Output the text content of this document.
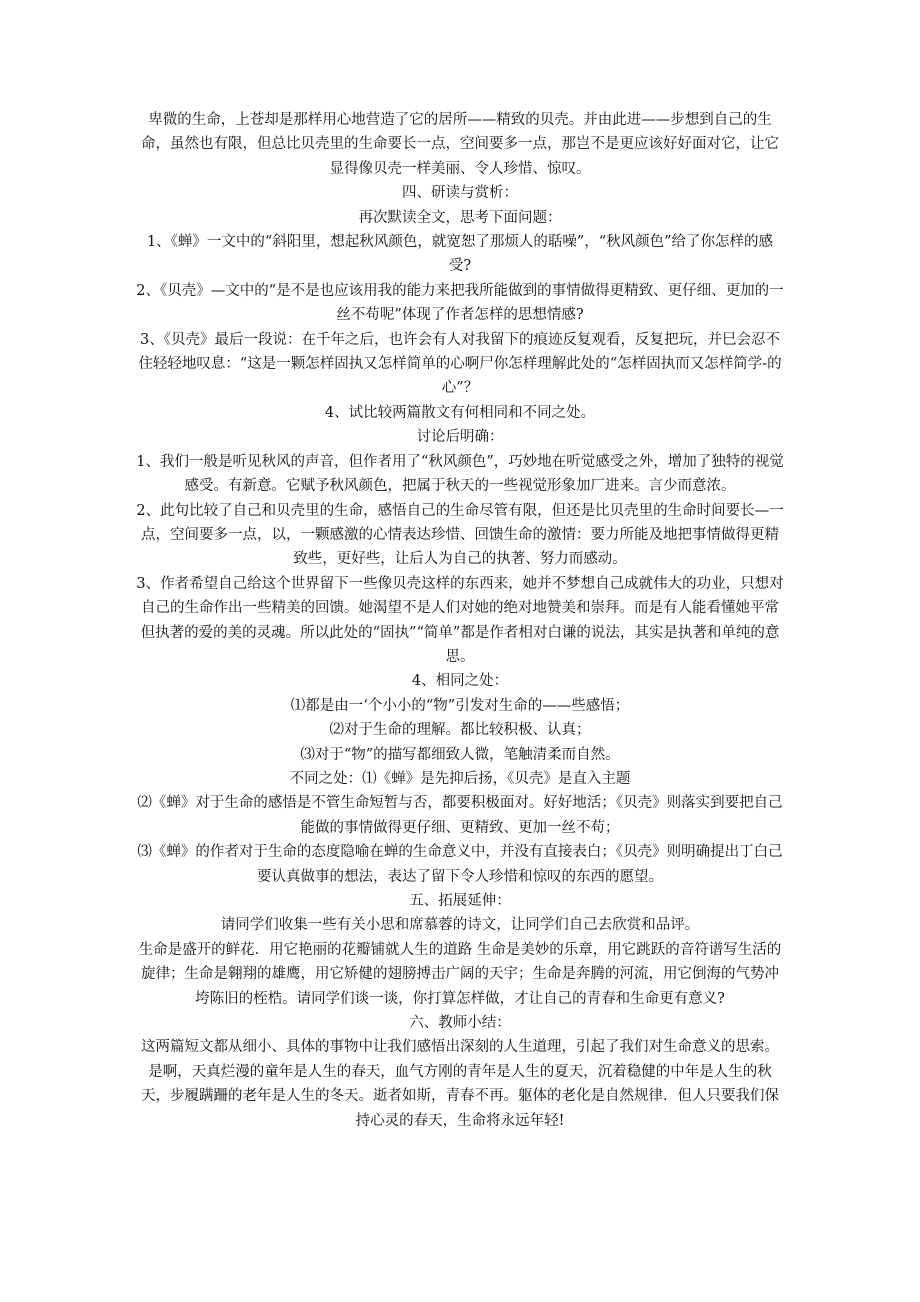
卑微的生命，上苍却是那样用心地营造了它的居所——精致的贝壳。并由此进——步想到自己的生命，虽然也有限，但总比贝壳里的生命要长一点，空间要多一点，那岂不是更应该好好面对它，让它显得像贝壳一样美丽、令人珍惜、惊叹。

四、研读与赏析：

再次默读全文，思考下面问题：

1、《蝉》一文中的“斜阳里，想起秋风颜色，就宽恕了那烦人的聒噪”，“秋风颜色”给了你怎样的感受?

2、《贝壳》—文中的“是不是也应该用我的能力来把我所能做到的事情做得更精致、更仔细、更加的一丝不苟呢”体现了作者怎样的思想情感?

3、《贝壳》最后一段说：在千年之后，也许会有人对我留下的痕迹反复观看，反复把玩，并巳会忍不住轻轻地叹息：“这是一颗怎样固执又怎样简单的心啊尸你怎样理解此处的“怎样固执而又怎样简学-的心”？

4、试比较两篇散文有何相同和不同之处。

讨论后明确：

1、我们一般是听见秋风的声音，但作者用了“秋风颜色”，巧妙地在听觉感受之外，增加了独特的视觉感受。有新意。它赋予秋风颜色，把属于秋天的一些视觉形象加厂进来。言少而意浓。

2、此句比较了自己和贝壳里的生命，感悟自己的生命尽管有限，但还是比贝壳里的生命时间要长—一点，空间要多一点，以，一颗感激的心情表达珍惜、回馈生命的激情：要力所能及地把事情做得更精致些，更好些，让后人为自己的执著、努力而感动。

3、作者希望自己给这个世界留下一些像贝壳这样的东西来，她并不梦想自己成就伟大的功业，只想对自己的生命作出一些精美的回馈。她渴望不是人们对她的绝对地赞美和崇拜。而是有人能看懂她平常但执著的爱的美的灵魂。所以此处的“固执”“简单”都是作者相对白谦的说法，其实是执著和单纯的意思。

4、相同之处：

⑴都是由一‘个小小的“物”引发对生命的——些感悟；

⑵对于生命的理解。都比较积极、认真；

⑶对于“物”的描写都细致人微，笔触清柔而自然。

不同之处：⑴《蝉》是先抑后扬，《贝壳》是直入主题

⑵《蝉》对于生命的感悟是不管生命短暂与否，都要积极面对。好好地活；《贝壳》则落实到要把自己能做的事情做得更仔细、更精致、更加一丝不苟；

⑶《蝉》的作者对于生命的态度隐喻在蝉的生命意义中，并没有直接表白；《贝壳》则明确提出丁白己要认真做事的想法，表达了留下令人珍惜和惊叹的东西的愿望。

五、拓展延伸：

请同学们收集一些有关小思和席慕蓉的诗文，让同学们自己去欣赏和品评。

生命是盛开的鲜花．用它艳丽的花瓣铺就人生的道路 生命是美妙的乐章，用它跳跃的音符谱写生活的旋律；生命是翱翔的雄鹰，用它矫健的翅膀搏击广阔的天宇；生命是奔腾的河流，用它倒海的气势冲垮陈旧的桎梏。请同学们谈一谈，你打算怎样做，才让自己的青春和生命更有意义?

六、教师小结：

这两篇短文都从细小、具体的事物中让我们感悟出深刻的人生道理，引起了我们对生命意义的思索。是啊，天真烂漫的童年是人生的春天，血气方刚的青年是人生的夏天，沉着稳健的中年是人生的秋天，步履蹒跚的老年是人生的冬天。逝者如斯，青春不再。躯体的老化是自然规律．但人只要我们保持心灵的春天，生命将永远年轻!
